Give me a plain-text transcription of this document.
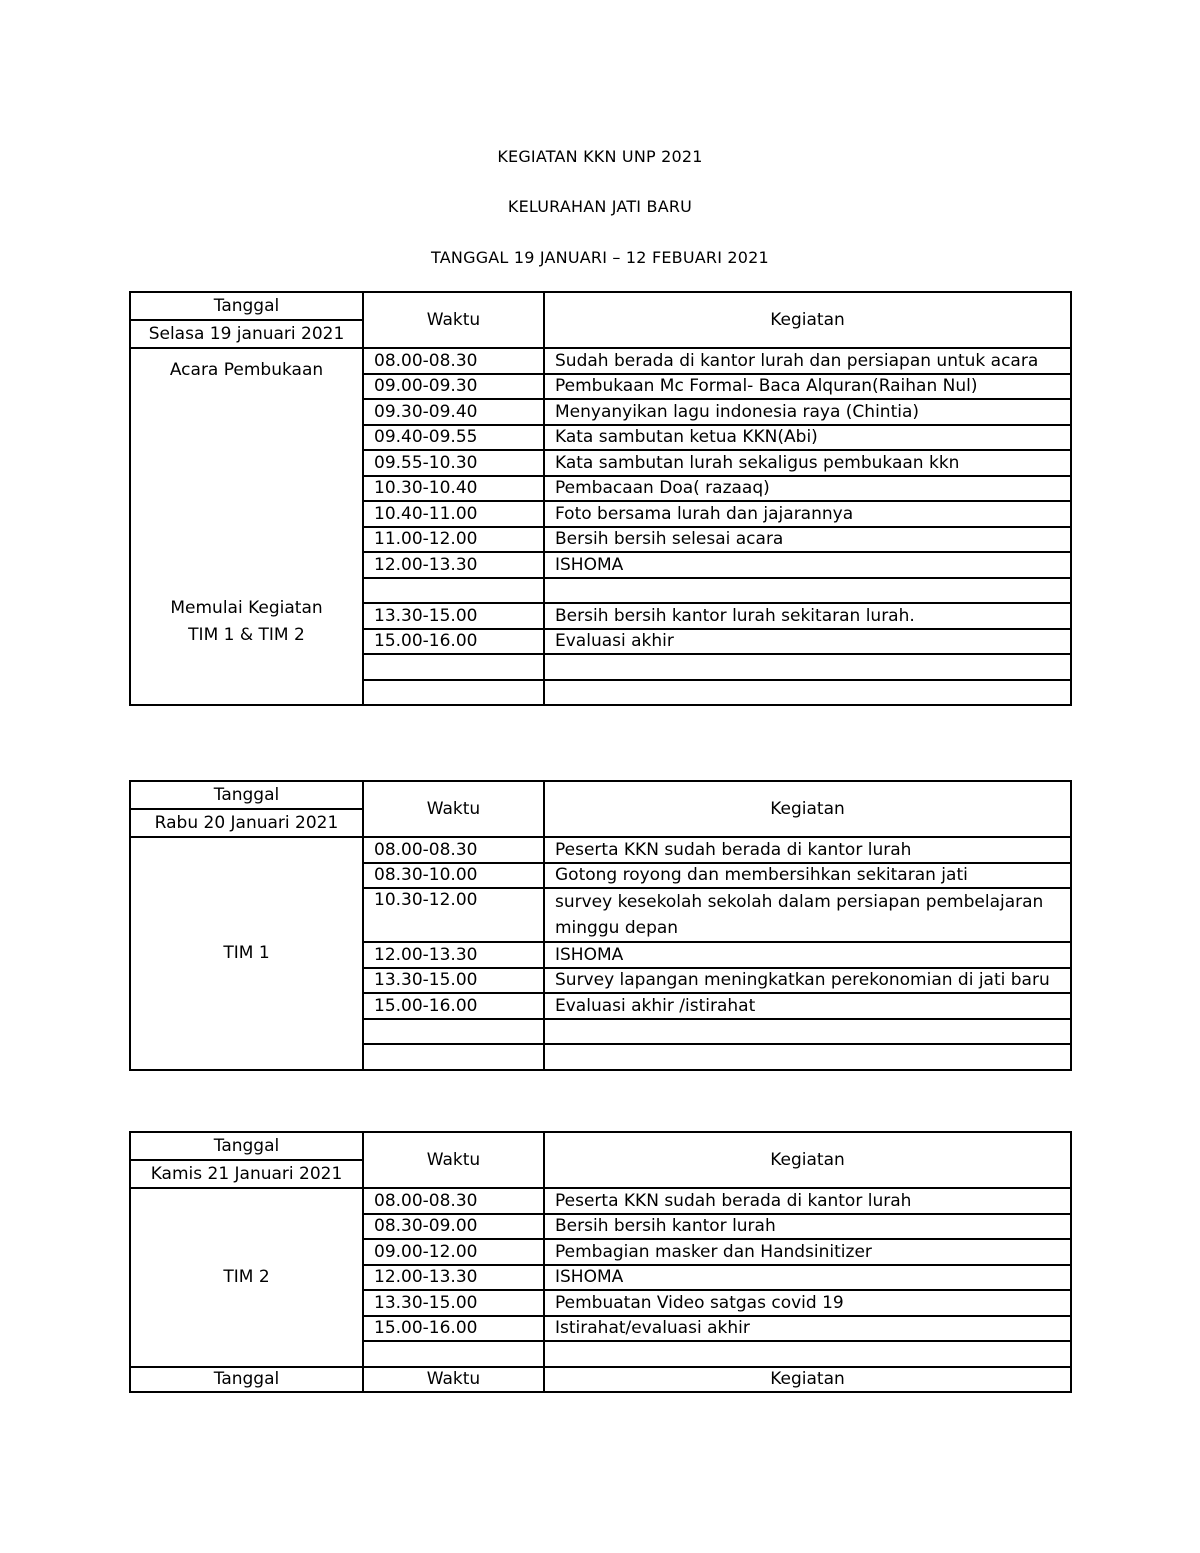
KEGIATAN KKN UNP 2021
KELURAHAN JATI BARU
TANGGAL 19 JANUARI – 12 FEBUARI 2021
Tanggal
Selasa 19 januari 2021	Waktu	Kegiatan

Acara Pembukaan
Memulai Kegiatan
TIM 1 & TIM 2	08.00-08.30	Sudah berada di kantor lurah dan persiapan untuk acara
	09.00-09.30	Pembukaan Mc Formal- Baca Alquran(Raihan Nul)
	09.30-09.40	Menyanyikan lagu indonesia raya (Chintia)
	09.40-09.55	Kata sambutan ketua KKN(Abi)
	09.55-10.30	Kata sambutan lurah sekaligus pembukaan kkn
	10.30-10.40	Pembacaan Doa( razaaq)
	10.40-11.00	Foto bersama lurah dan jajarannya
	11.00-12.00	Bersih bersih selesai acara
	12.00-13.30	ISHOMA

	13.30-15.00	Bersih bersih kantor lurah sekitaran lurah.
	15.00-16.00	Evaluasi akhir

Tanggal
Rabu 20 Januari 2021	Waktu	Kegiatan
TIM 1	08.00-08.30	Peserta KKN sudah berada di kantor lurah
	08.30-10.00	Gotong royong dan membersihkan sekitaran jati
	10.30-12.00	survey kesekolah sekolah dalam persiapan pembelajaran minggu depan
	12.00-13.30	ISHOMA
	13.30-15.00	Survey lapangan meningkatkan perekonomian di jati baru
	15.00-16.00	Evaluasi akhir /istirahat

Tanggal
Kamis 21 Januari 2021	Waktu	Kegiatan
TIM 2	08.00-08.30	Peserta KKN sudah berada di kantor lurah
	08.30-09.00	Bersih bersih kantor lurah
	09.00-12.00	Pembagian masker dan Handsinitizer
	12.00-13.30	ISHOMA
	13.30-15.00	Pembuatan Video satgas covid 19
	15.00-16.00	Istirahat/evaluasi akhir

Tanggal	Waktu	Kegiatan
